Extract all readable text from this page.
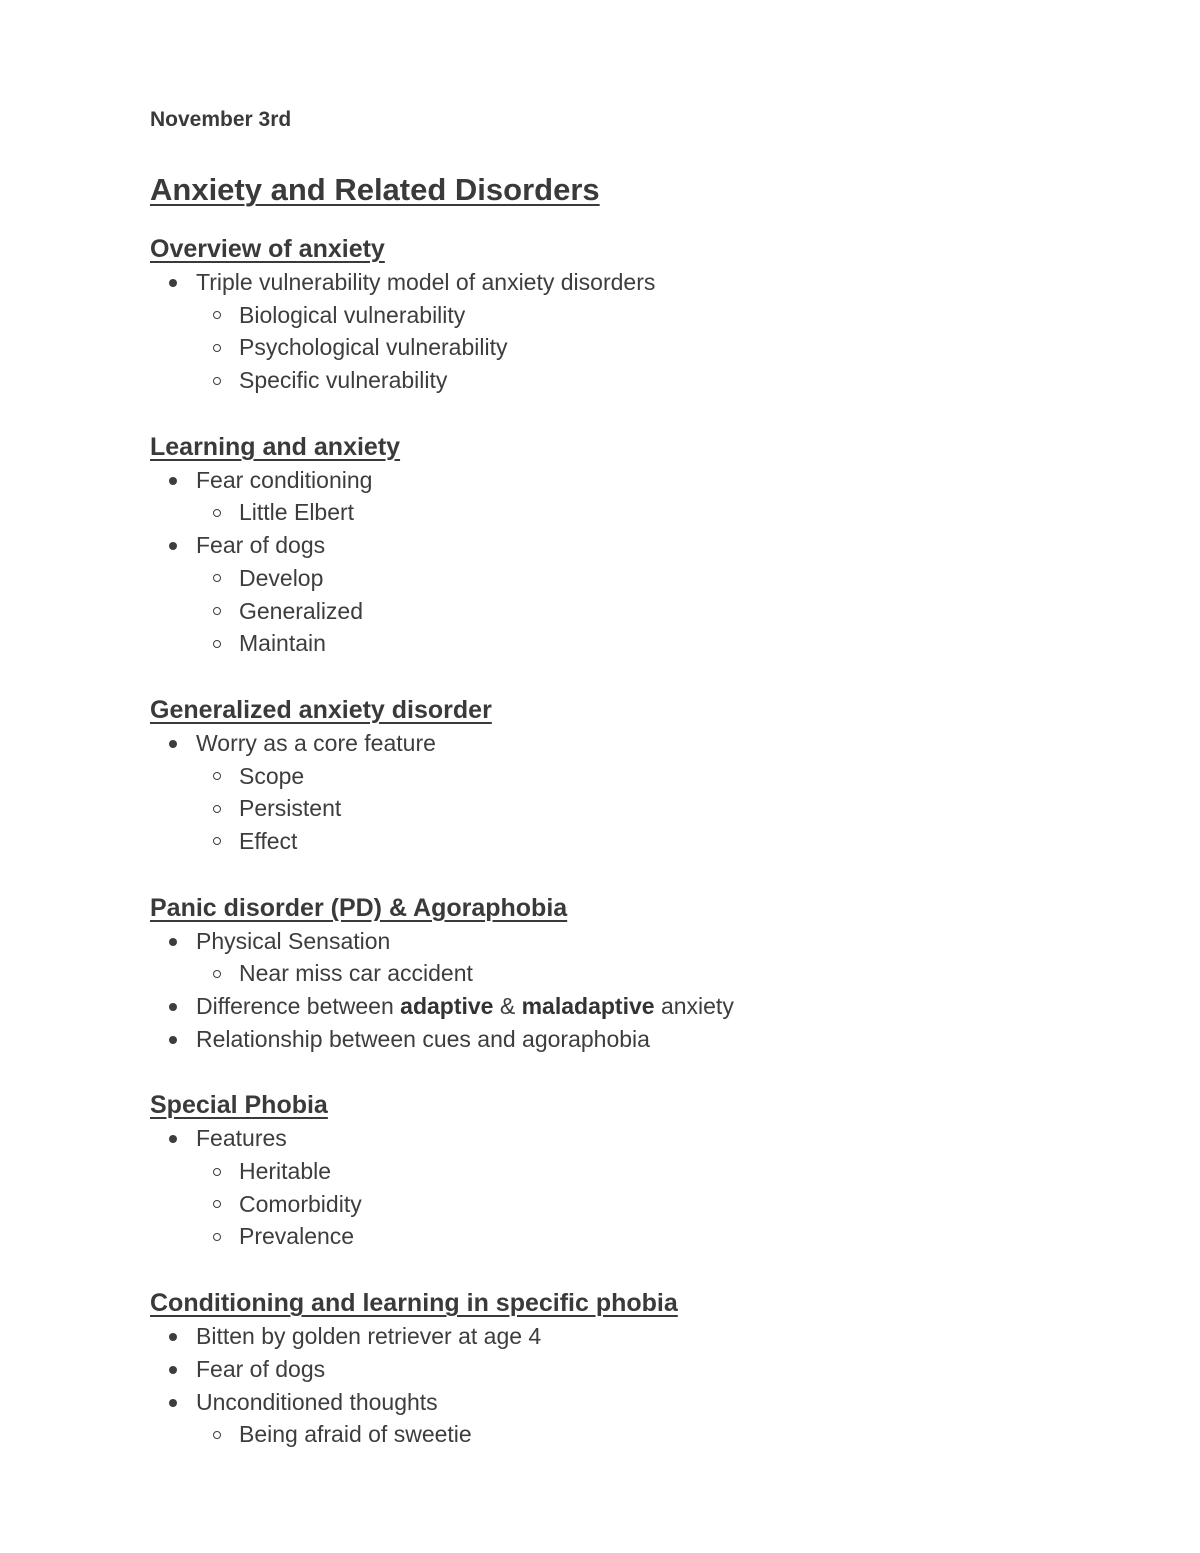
November 3rd
Anxiety and Related Disorders
Overview of anxiety
Triple vulnerability model of anxiety disorders
Biological vulnerability
Psychological vulnerability
Specific vulnerability
Learning and anxiety
Fear conditioning
Little Elbert
Fear of dogs
Develop
Generalized
Maintain
Generalized anxiety disorder
Worry as a core feature
Scope
Persistent
Effect
Panic disorder (PD) & Agoraphobia
Physical Sensation
Near miss car accident
Difference between adaptive & maladaptive anxiety
Relationship between cues and agoraphobia
Special Phobia
Features
Heritable
Comorbidity
Prevalence
Conditioning and learning in specific phobia
Bitten by golden retriever at age 4
Fear of dogs
Unconditioned thoughts
Being afraid of sweetie
